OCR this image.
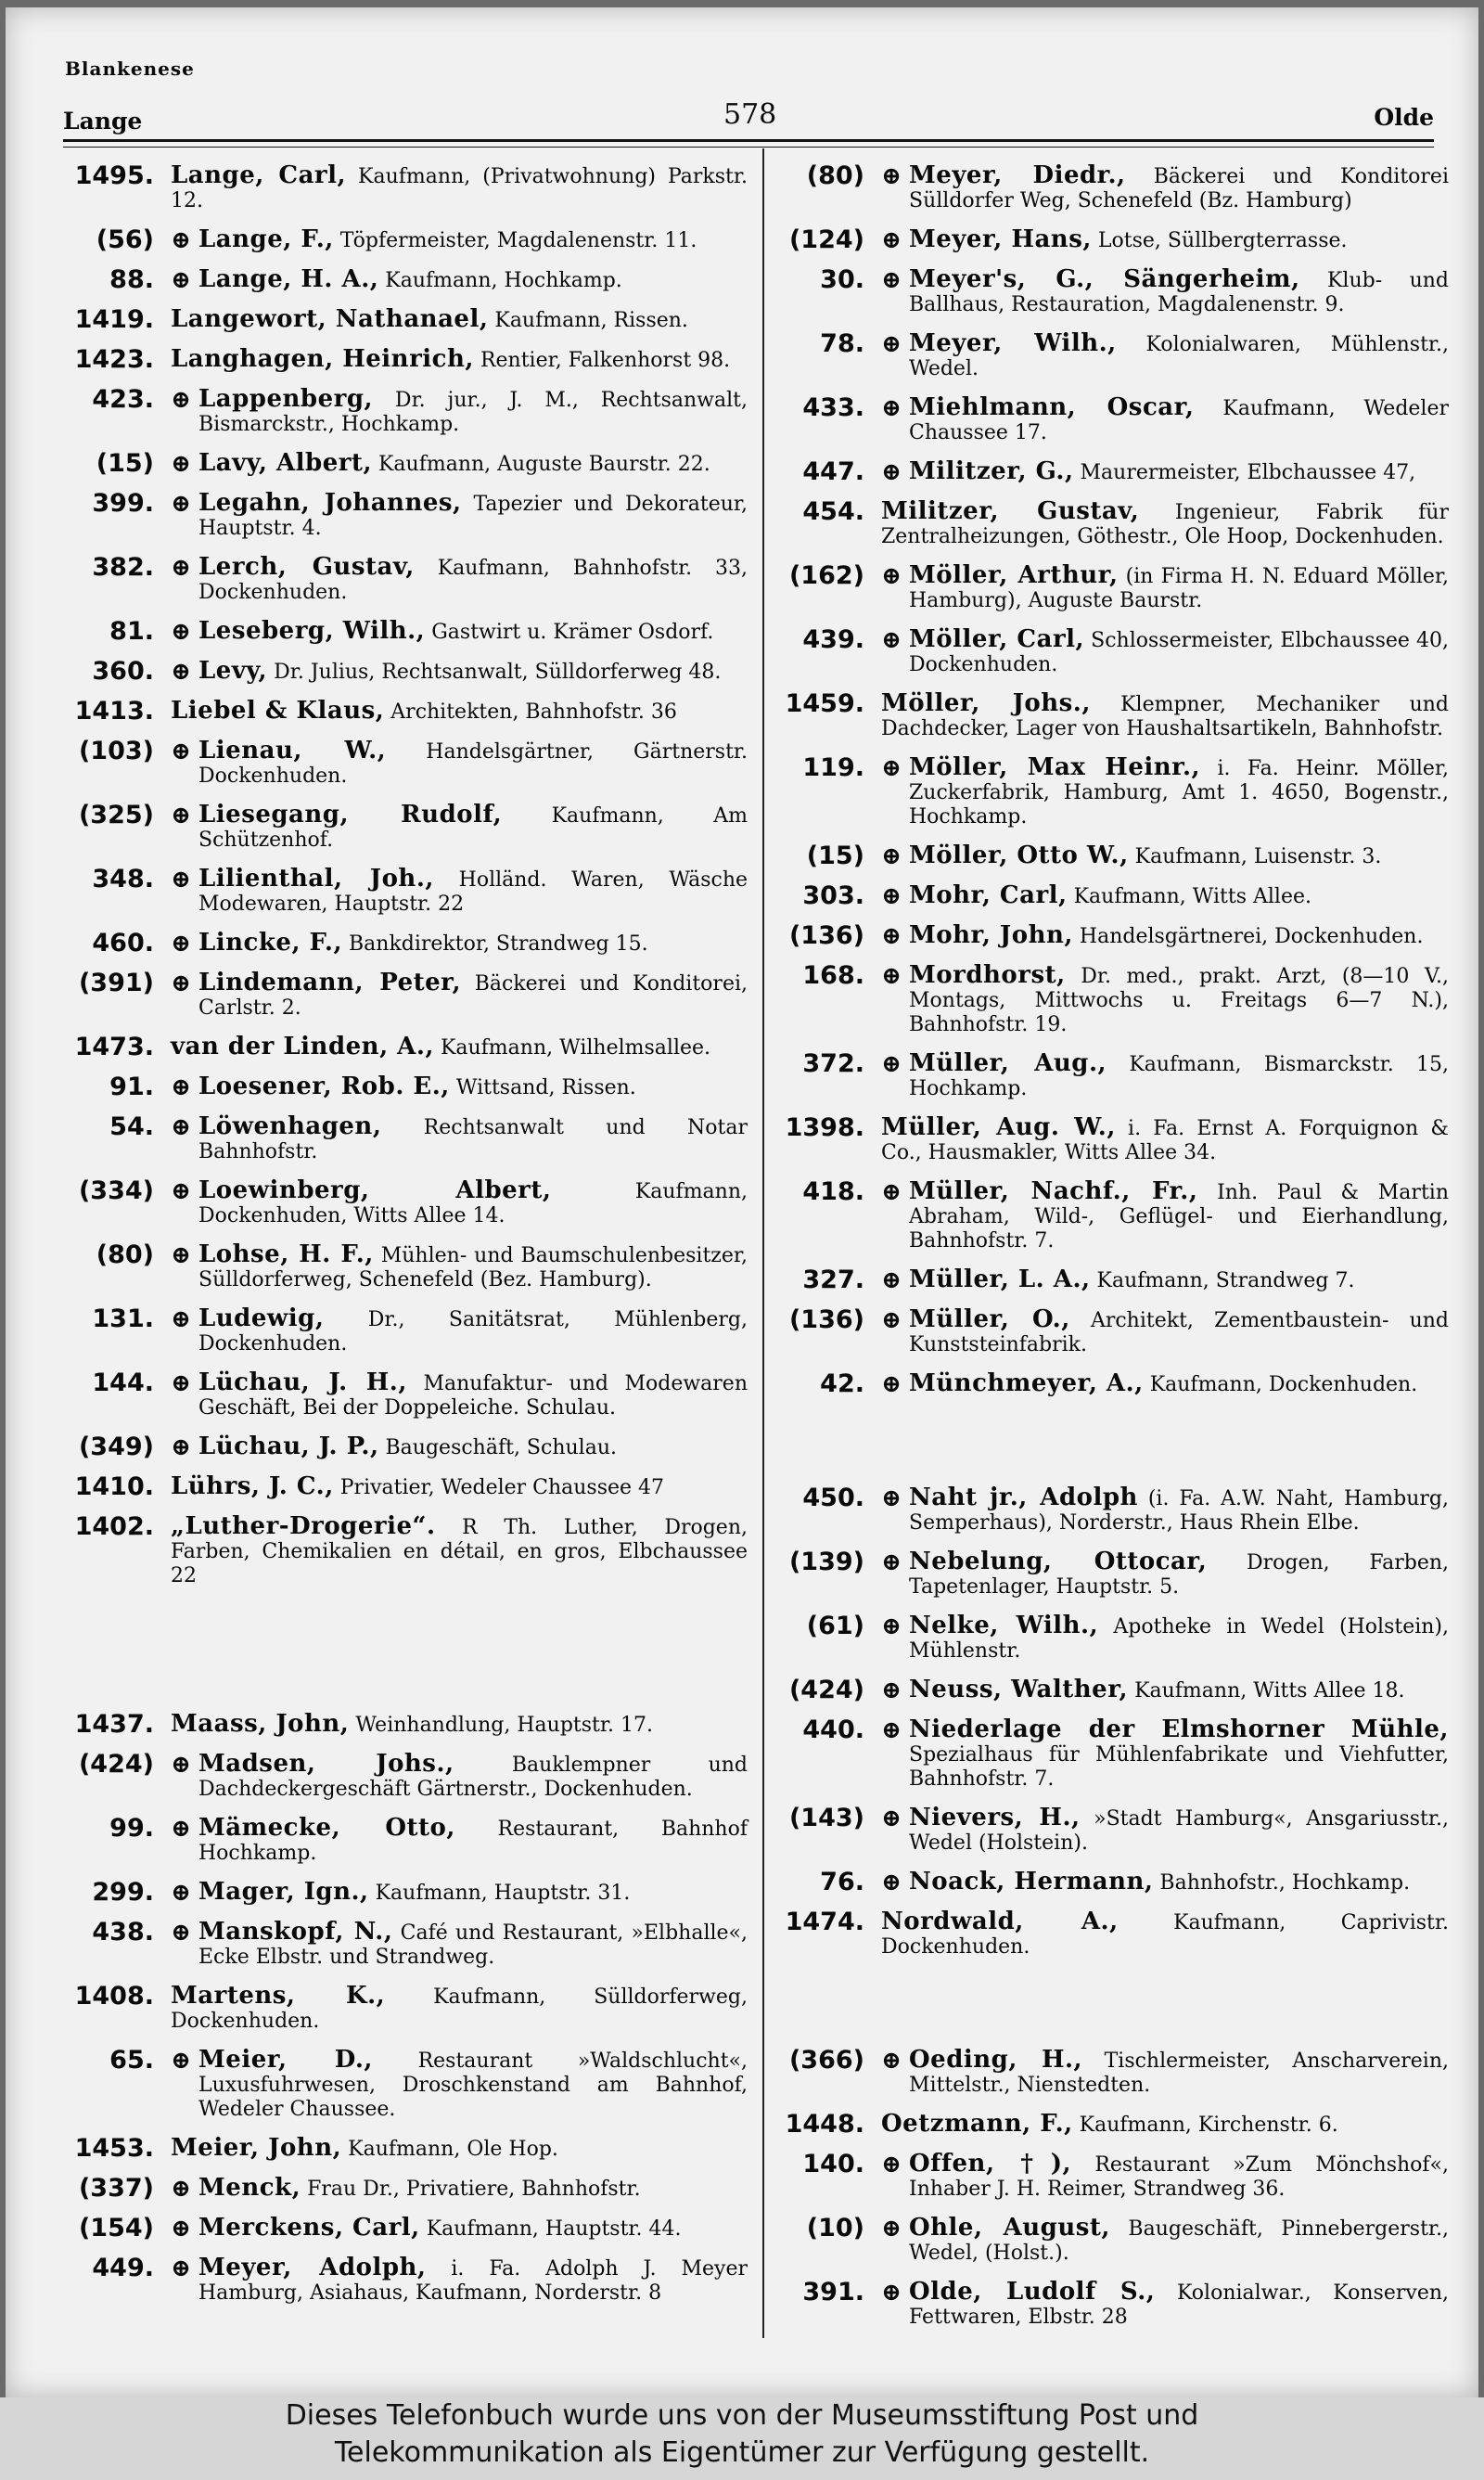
Blankenese
Lange	578	Olde
1495. Lange, Carl, Kaufmann, (Privatwohnung) Parkstr. 12.
(56) ⊕ Lange, F., Töpfermeister, Magdalenenstr. 11.
88. ⊕ Lange, H. A., Kaufmann, Hochkamp.
1419. Langewort, Nathanael, Kaufmann, Rissen.
1423. Langhagen, Heinrich, Rentier, Falkenhorst 98.
423. ⊕ Lappenberg, Dr. jur., J. M., Rechtsanwalt, Bismarckstr., Hochkamp.
(15) ⊕ Lavy, Albert, Kaufmann, Auguste Baurstr. 22.
399. ⊕ Legahn, Johannes, Tapezier und Dekorateur, Hauptstr. 4.
382. ⊕ Lerch, Gustav, Kaufmann, Bahnhofstr. 33, Dockenhuden.
81. ⊕ Leseberg, Wilh., Gastwirt u. Krämer Osdorf.
360. ⊕ Levy, Dr. Julius, Rechtsanwalt, Sülldorferweg 48.
1413. Liebel & Klaus, Architekten, Bahnhofstr. 36
(103) ⊕ Lienau, W., Handelsgärtner, Gärtnerstr. Dockenhuden.
(325) ⊕ Liesegang, Rudolf, Kaufmann, Am Schützenhof.
348. ⊕ Lilienthal, Joh., Holländ. Waren, Wäsche Modewaren, Hauptstr. 22
460. ⊕ Lincke, F., Bankdirektor, Strandweg 15.
(391) ⊕ Lindemann, Peter, Bäckerei und Konditorei, Carlstr. 2.
1473. van der Linden, A., Kaufmann, Wilhelmsallee.
91. ⊕ Loesener, Rob. E., Wittsand, Rissen.
54. ⊕ Löwenhagen, Rechtsanwalt und Notar Bahnhofstr.
(334) ⊕ Loewinberg, Albert, Kaufmann, Dockenhuden, Witts Allee 14.
(80) ⊕ Lohse, H. F., Mühlen- und Baumschulenbesitzer, Sülldorferweg, Schenefeld (Bez. Hamburg).
131. ⊕ Ludewig, Dr., Sanitätsrat, Mühlenberg, Dockenhuden.
144. ⊕ Lüchau, J. H., Manufaktur- und Modewaren Geschäft, Bei der Doppeleiche. Schulau.
(349) ⊕ Lüchau, J. P., Baugeschäft, Schulau.
1410. Lührs, J. C., Privatier, Wedeler Chaussee 47
1402. „Luther-Drogerie“. R Th. Luther, Drogen, Farben, Chemikalien en détail, en gros, Elbchaussee 22
1437. Maass, John, Weinhandlung, Hauptstr. 17.
(424) ⊕ Madsen, Johs., Bauklempner und Dachdeckergeschäft Gärtnerstr., Dockenhuden.
99. ⊕ Mämecke, Otto, Restaurant, Bahnhof Hochkamp.
299. ⊕ Mager, Ign., Kaufmann, Hauptstr. 31.
438. ⊕ Manskopf, N., Café und Restaurant, »Elbhalle«, Ecke Elbstr. und Strandweg.
1408. Martens, K., Kaufmann, Sülldorferweg, Dockenhuden.
65. ⊕ Meier, D., Restaurant »Waldschlucht«, Luxusfuhrwesen, Droschkenstand am Bahnhof, Wedeler Chaussee.
1453. Meier, John, Kaufmann, Ole Hop.
(337) ⊕ Menck, Frau Dr., Privatiere, Bahnhofstr.
(154) ⊕ Merckens, Carl, Kaufmann, Hauptstr. 44.
449. ⊕ Meyer, Adolph, i. Fa. Adolph J. Meyer Hamburg, Asiahaus, Kaufmann, Norderstr. 8
(80) ⊕ Meyer, Diedr., Bäckerei und Konditorei Sülldorfer Weg, Schenefeld (Bz. Hamburg)
(124) ⊕ Meyer, Hans, Lotse, Süllbergterrasse.
30. ⊕ Meyer's, G., Sängerheim, Klub- und Ballhaus, Restauration, Magdalenenstr. 9.
78. ⊕ Meyer, Wilh., Kolonialwaren, Mühlenstr., Wedel.
433. ⊕ Miehlmann, Oscar, Kaufmann, Wedeler Chaussee 17.
447. ⊕ Militzer, G., Maurermeister, Elbchaussee 47,
454. Militzer, Gustav, Ingenieur, Fabrik für Zentralheizungen, Göthestr., Ole Hoop, Dockenhuden.
(162) ⊕ Möller, Arthur, (in Firma H. N. Eduard Möller, Hamburg), Auguste Baurstr.
439. ⊕ Möller, Carl, Schlossermeister, Elbchaussee 40, Dockenhuden.
1459. Möller, Johs., Klempner, Mechaniker und Dachdecker, Lager von Haushaltsartikeln, Bahnhofstr.
119. ⊕ Möller, Max Heinr., i. Fa. Heinr. Möller, Zuckerfabrik, Hamburg, Amt 1. 4650, Bogenstr., Hochkamp.
(15) ⊕ Möller, Otto W., Kaufmann, Luisenstr. 3.
303. ⊕ Mohr, Carl, Kaufmann, Witts Allee.
(136) ⊕ Mohr, John, Handelsgärtnerei, Dockenhuden.
168. ⊕ Mordhorst, Dr. med., prakt. Arzt, (8—10 V., Montags, Mittwochs u. Freitags 6—7 N.), Bahnhofstr. 19.
372. ⊕ Müller, Aug., Kaufmann, Bismarckstr. 15, Hochkamp.
1398. Müller, Aug. W., i. Fa. Ernst A. Forquignon & Co., Hausmakler, Witts Allee 34.
418. ⊕ Müller, Nachf., Fr., Inh. Paul & Martin Abraham, Wild-, Geflügel- und Eierhandlung, Bahnhofstr. 7.
327. ⊕ Müller, L. A., Kaufmann, Strandweg 7.
(136) ⊕ Müller, O., Architekt, Zementbaustein- und Kunststeinfabrik.
42. ⊕ Münchmeyer, A., Kaufmann, Dockenhuden.
450. ⊕ Naht jr., Adolph (i. Fa. A.W. Naht, Hamburg, Semperhaus), Norderstr., Haus Rhein Elbe.
(139) ⊕ Nebelung, Ottocar, Drogen, Farben, Tapetenlager, Hauptstr. 5.
(61) ⊕ Nelke, Wilh., Apotheke in Wedel (Holstein), Mühlenstr.
(424) ⊕ Neuss, Walther, Kaufmann, Witts Allee 18.
440. ⊕ Niederlage der Elmshorner Mühle, Spezialhaus für Mühlenfabrikate und Viehfutter, Bahnhofstr. 7.
(143) ⊕ Nievers, H., »Stadt Hamburg«, Ansgariusstr., Wedel (Holstein).
76. ⊕ Noack, Hermann, Bahnhofstr., Hochkamp.
1474. Nordwald, A., Kaufmann, Caprivistr. Dockenhuden.
(366) ⊕ Oeding, H., Tischlermeister, Anscharverein, Mittelstr., Nienstedten.
1448. Oetzmann, F., Kaufmann, Kirchenstr. 6.
140. ⊕ Offen, †), Restaurant »Zum Mönchshof«, Inhaber J. H. Reimer, Strandweg 36.
(10) ⊕ Ohle, August, Baugeschäft, Pinnebergerstr., Wedel, (Holst.).
391. ⊕ Olde, Ludolf S., Kolonialwar., Konserven, Fettwaren, Elbstr. 28
Dieses Telefonbuch wurde uns von der Museumsstiftung Post und
Telekommunikation als Eigentümer zur Verfügung gestellt.
